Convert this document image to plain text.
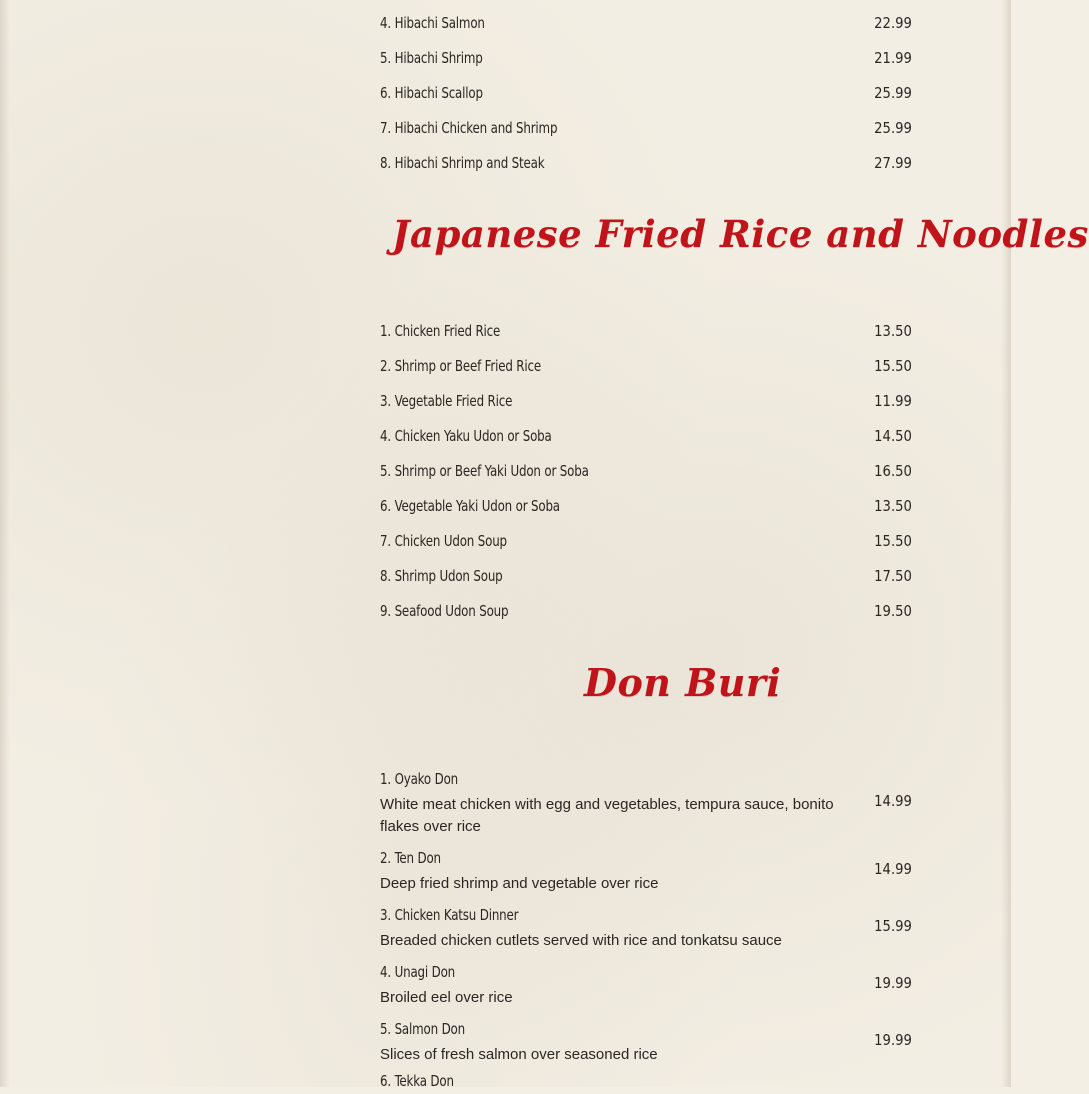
4. Hibachi Salmon	22.99
5. Hibachi Shrimp	21.99
6. Hibachi Scallop	25.99
7. Hibachi Chicken and Shrimp	25.99
8. Hibachi Shrimp and Steak	27.99
Japanese Fried Rice and Noodles
1. Chicken Fried Rice	13.50
2. Shrimp or Beef Fried Rice	15.50
3. Vegetable Fried Rice	11.99
4. Chicken Yaku Udon or Soba	14.50
5. Shrimp or Beef Yaki Udon or Soba	16.50
6. Vegetable Yaki Udon or Soba	13.50
7. Chicken Udon Soup	15.50
8. Shrimp Udon Soup	17.50
9. Seafood Udon Soup	19.50
Don Buri
1. Oyako Don
White meat chicken with egg and vegetables, tempura sauce, bonito flakes over rice
14.99
2. Ten Don
Deep fried shrimp and vegetable over rice
14.99
3. Chicken Katsu Dinner
Breaded chicken cutlets served with rice and tonkatsu sauce
15.99
4. Unagi Don
Broiled eel over rice
19.99
5. Salmon Don
Slices of fresh salmon over seasoned rice
19.99
6. Tekka Don
